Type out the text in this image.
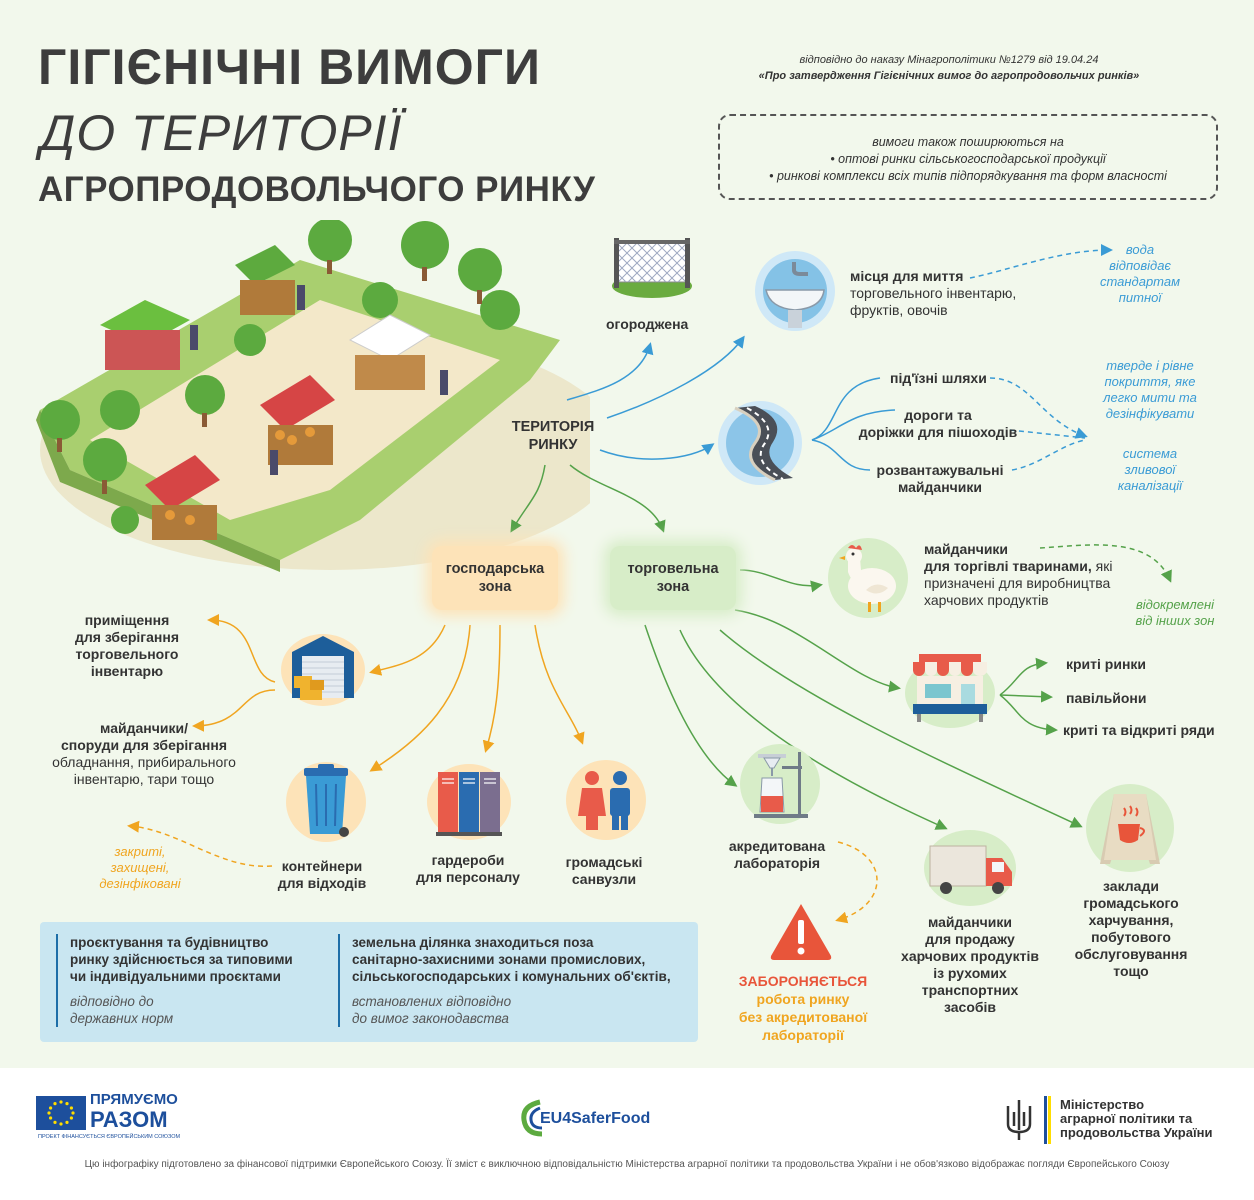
ГІГІЄНІЧНІ ВИМОГИ
ДО ТЕРИТОРІЇ
АГРОПРОДОВОЛЬЧОГО РИНКУ
відповідно до наказу Мінагрополітики №1279 від 19.04.24
«Про затвердження Гігієнічних вимог до агропродовольчих ринків»
вимоги також поширюються на
• оптові ринки сільськогосподарської продукції
• ринкові комплекси всіх типів підпорядкування та форм власності
ТЕРИТОРІЯ
РИНКУ
огороджена
місця для миття
торговельного інвентарю,
фруктів, овочів
вода
відповідає
стандартам
питної
під'їзні шляхи
дороги та
доріжки для пішоходів
розвантажувальні
майданчики
тверде і рівне
покриття, яке
легко мити та
дезінфікувати
система
зливової
каналізації
господарська
зона
торговельна
зона
майданчики
для торгівлі тваринами, які
призначені для виробництва
харчових продуктів	відокремлені
від інших зон
криті ринки
павільйони
криті та відкриті ряди
приміщення
для зберігання
торговельного
інвентарю
майданчики/
споруди для зберігання
обладнання, прибирального
інвентарю, тари тощо
контейнери
для відходів
закриті,
захищені,
дезінфіковані
гардероби
для персоналу
громадські
санвузли
акредитована
лабораторія
ЗАБОРОНЯЄТЬСЯ
робота ринку
без акредитованої
лабораторії
майданчики
для продажу
харчових продуктів
із рухомих
транспортних
засобів
заклади
громадського
харчування,
побутового
обслуговування
тощо
проєктування та будівництво
ринку здійснюється за типовими
чи індивідуальними проєктами
відповідно до
державних норм
земельна ділянка знаходиться поза
санітарно-захисними зонами промислових,
сільськогосподарських і комунальних об'єктів,
встановлених відповідно
до вимог законодавства
ПРЯМУЄМО
РАЗОМ
ПРОЕКТ ФІНАНСУЄТЬСЯ ЄВРОПЕЙСЬКИМ СОЮЗОМ
EU4SaferFood
Міністерство
аграрної політики та
продовольства України
Цю інфографіку підготовлено за фінансової підтримки Європейського Союзу. Її зміст є виключною відповідальністю Міністерства аграрної політики та продовольства України і не обов'язково відображає погляди Європейського Союзу
